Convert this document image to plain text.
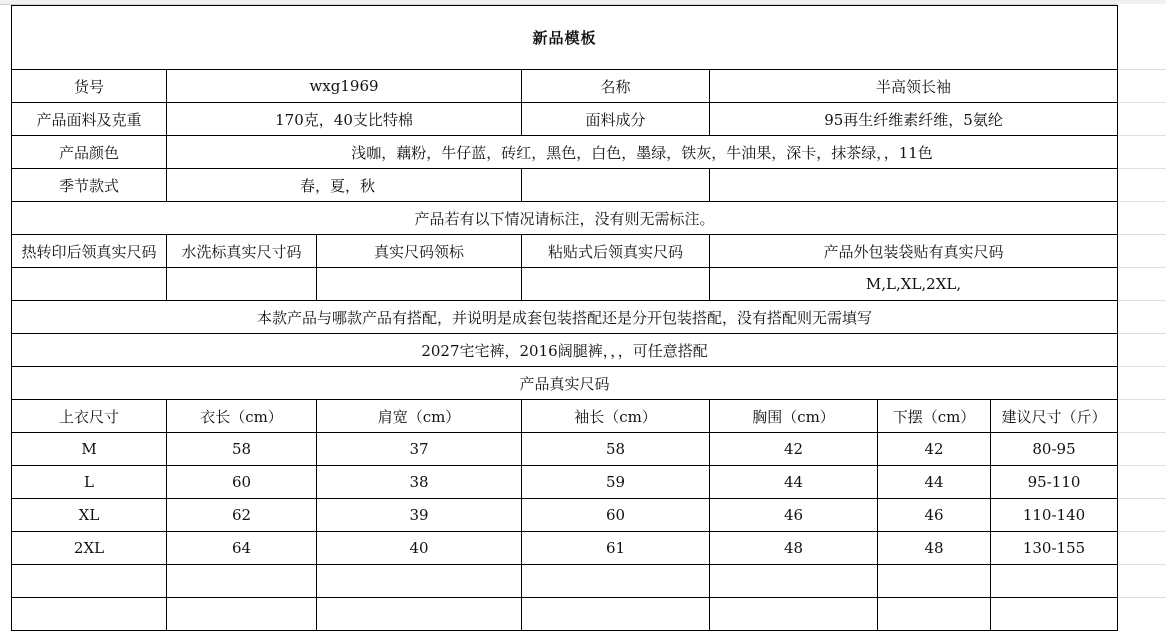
新品模板						
货号	wxg1969		名称	半高领长袖		
产品面料及克重	170克，40支比特棉		面料成分	95再生纤维素纤维，5氨纶		
产品颜色	浅咖，藕粉，牛仔蓝，砖红，黑色，白色，墨绿，铁灰，牛油果，深卡，抹茶绿，，11色					
季节款式	春，夏，秋					
产品若有以下情况请标注，没有则无需标注。						
热转印后领真实尺码	水洗标真实尺寸码	真实尺码领标	粘贴式后领真实尺码	产品外包装袋贴有真实尺码		
				M,L,XL,2XL,		
本款产品与哪款产品有搭配，并说明是成套包装搭配还是分开包装搭配，没有搭配则无需填写						
2027宅宅裤，2016阔腿裤，，，可任意搭配						
产品真实尺码						
上衣尺寸	衣长（cm）	肩宽（cm）	袖长（cm）	胸围（cm）	下摆（cm）	建议尺寸（斤）
M	58	37	58	42	42	80-95
L	60	38	59	44	44	95-110
XL	62	39	60	46	46	110-140
2XL	64	40	61	48	48	130-155
